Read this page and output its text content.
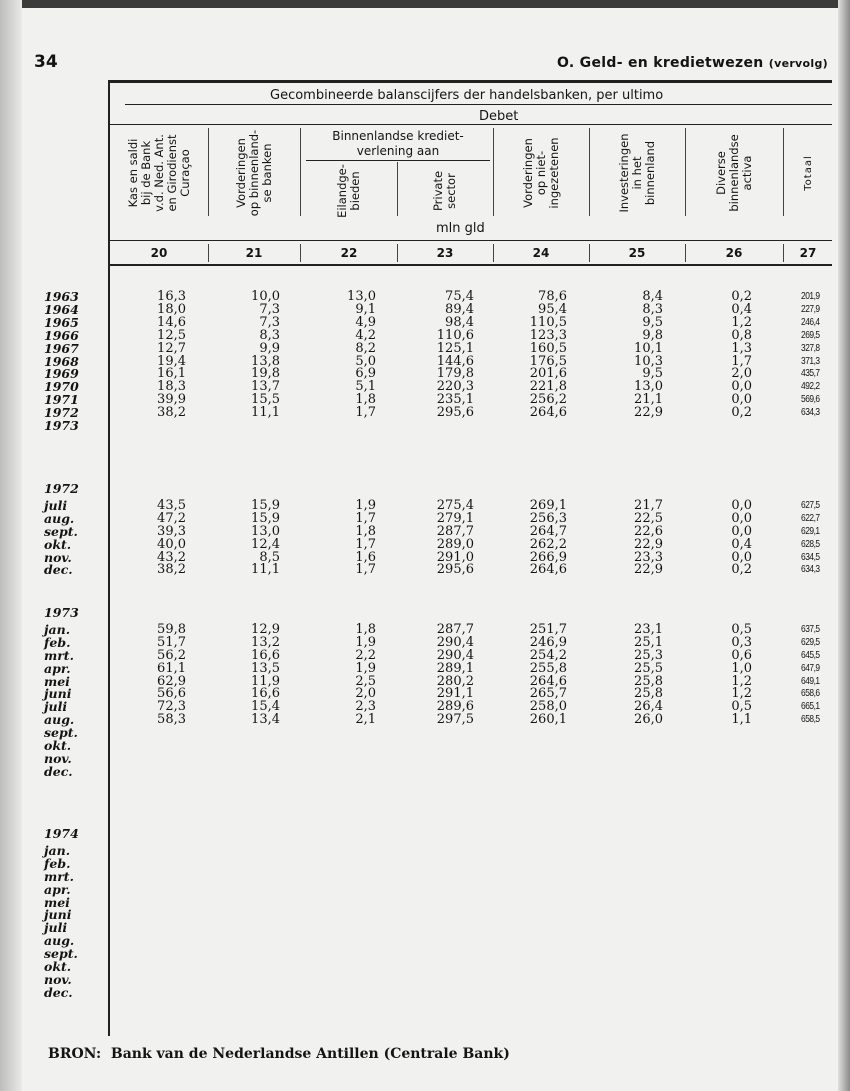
34	O. Geld- en kredietwezen (vervolg)
Gecombineerde balanscijfers der handelsbanken, per ultimo
Debet
Binnenlandse krediet-
verlening aan
mln gld
Kas en saldi
bij de Bank
v.d. Ned. Ant.
en Girodienst
Curaçao
20
Vorderingen
op binnenland-
se banken
21
Eilandge-
bieden
22
Private
sector
23
Vorderingen
op niet-
ingezetenen
24
Investeringen
in het
binnenland
25
Diverse
binnenlandse
activa
26
Totaal
27
1963	16,3	10,0	13,0	75,4	78,6	8,4	0,2	201,9
1964	18,0	7,3	9,1	89,4	95,4	8,3	0,4	227,9
1965	14,6	7,3	4,9	98,4	110,5	9,5	1,2	246,4
1966	12,5	8,3	4,2	110,6	123,3	9,8	0,8	269,5
1967	12,7	9,9	8,2	125,1	160,5	10,1	1,3	327,8
1968	19,4	13,8	5,0	144,6	176,5	10,3	1,7	371,3
1969	16,1	19,8	6,9	179,8	201,6	9,5	2,0	435,7
1970	18,3	13,7	5,1	220,3	221,8	13,0	0,0	492,2
1971	39,9	15,5	1,8	235,1	256,2	21,1	0,0	569,6
1972	38,2	11,1	1,7	295,6	264,6	22,9	0,2	634,3
1973
1972
juli	43,5	15,9	1,9	275,4	269,1	21,7	0,0	627,5
aug.	47,2	15,9	1,7	279,1	256,3	22,5	0,0	622,7
sept.	39,3	13,0	1,8	287,7	264,7	22,6	0,0	629,1
okt.	40,0	12,4	1,7	289,0	262,2	22,9	0,4	628,5
nov.	43,2	8,5	1,6	291,0	266,9	23,3	0,0	634,5
dec.	38,2	11,1	1,7	295,6	264,6	22,9	0,2	634,3
1973
jan.	59,8	12,9	1,8	287,7	251,7	23,1	0,5	637,5
feb.	51,7	13,2	1,9	290,4	246,9	25,1	0,3	629,5
mrt.	56,2	16,6	2,2	290,4	254,2	25,3	0,6	645,5
apr.	61,1	13,5	1,9	289,1	255,8	25,5	1,0	647,9
mei	62,9	11,9	2,5	280,2	264,6	25,8	1,2	649,1
juni	56,6	16,6	2,0	291,1	265,7	25,8	1,2	658,6
juli	72,3	15,4	2,3	289,6	258,0	26,4	0,5	665,1
aug.	58,3	13,4	2,1	297,5	260,1	26,0	1,1	658,5
sept.
okt.
nov.
dec.
1974
jan.
feb.
mrt.
apr.
mei
juni
juli
aug.
sept.
okt.
nov.
dec.
BRON:  Bank van de Nederlandse Antillen (Centrale Bank)
